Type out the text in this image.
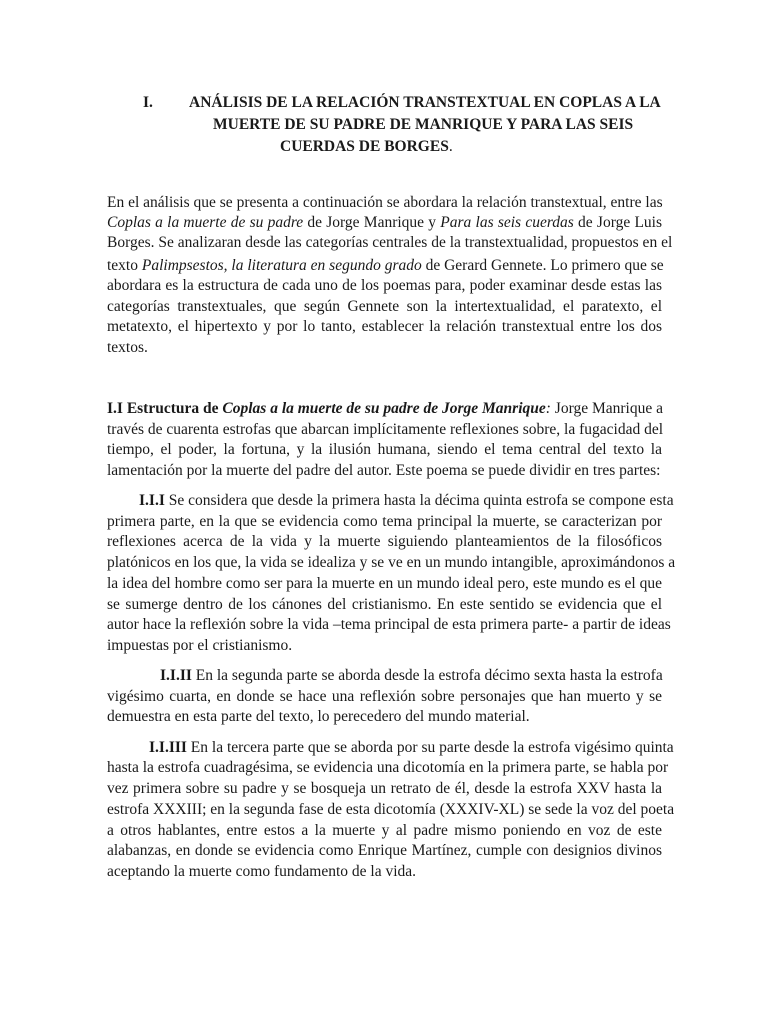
I. ANÁLISIS DE LA RELACIÓN TRANSTEXTUAL EN COPLAS A LA
MUERTE DE SU PADRE DE MANRIQUE Y PARA LAS SEIS
CUERDAS DE BORGES.
En el análisis que se presenta a continuación se abordara la relación transtextual, entre las
Coplas a la muerte de su padre de Jorge Manrique y Para las seis cuerdas de Jorge Luis
Borges. Se analizaran desde las categorías centrales de la transtextualidad, propuestos en el
texto Palimpsestos, la literatura en segundo grado de Gerard Gennete. Lo primero que se
abordara es la estructura de cada uno de los poemas para, poder examinar desde estas las
categorías transtextuales, que según Gennete son la intertextualidad, el paratexto, el
metatexto, el hipertexto y por lo tanto, establecer la relación transtextual entre los dos
textos.
I.I Estructura de Coplas a la muerte de su padre de Jorge Manrique: Jorge Manrique a
través de cuarenta estrofas que abarcan implícitamente reflexiones sobre, la fugacidad del
tiempo, el poder, la fortuna, y la ilusión humana, siendo el tema central del texto la
lamentación por la muerte del padre del autor. Este poema se puede dividir en tres partes:
I.I.I Se considera que desde la primera hasta la décima quinta estrofa se compone esta
primera parte, en la que se evidencia como tema principal la muerte, se caracterizan por
reflexiones acerca de la vida y la muerte siguiendo planteamientos de la filosóficos
platónicos en los que, la vida se idealiza y se ve en un mundo intangible, aproximándonos a
la idea del hombre como ser para la muerte en un mundo ideal pero, este mundo es el que
se sumerge dentro de los cánones del cristianismo. En este sentido se evidencia que el
autor hace la reflexión sobre la vida –tema principal de esta primera parte- a partir de ideas
impuestas por el cristianismo.
I.I.II En la segunda parte se aborda desde la estrofa décimo sexta hasta la estrofa
vigésimo cuarta, en donde se hace una reflexión sobre personajes que han muerto y se
demuestra en esta parte del texto, lo perecedero del mundo material.
I.I.III En la tercera parte que se aborda por su parte desde la estrofa vigésimo quinta
hasta la estrofa cuadragésima, se evidencia una dicotomía en la primera parte, se habla por
vez primera sobre su padre y se bosqueja un retrato de él, desde la estrofa XXV hasta la
estrofa XXXIII; en la segunda fase de esta dicotomía (XXXIV-XL) se sede la voz del poeta
a otros hablantes, entre estos a la muerte y al padre mismo poniendo en voz de este
alabanzas, en donde se evidencia como Enrique Martínez, cumple con designios divinos
aceptando la muerte como fundamento de la vida.
